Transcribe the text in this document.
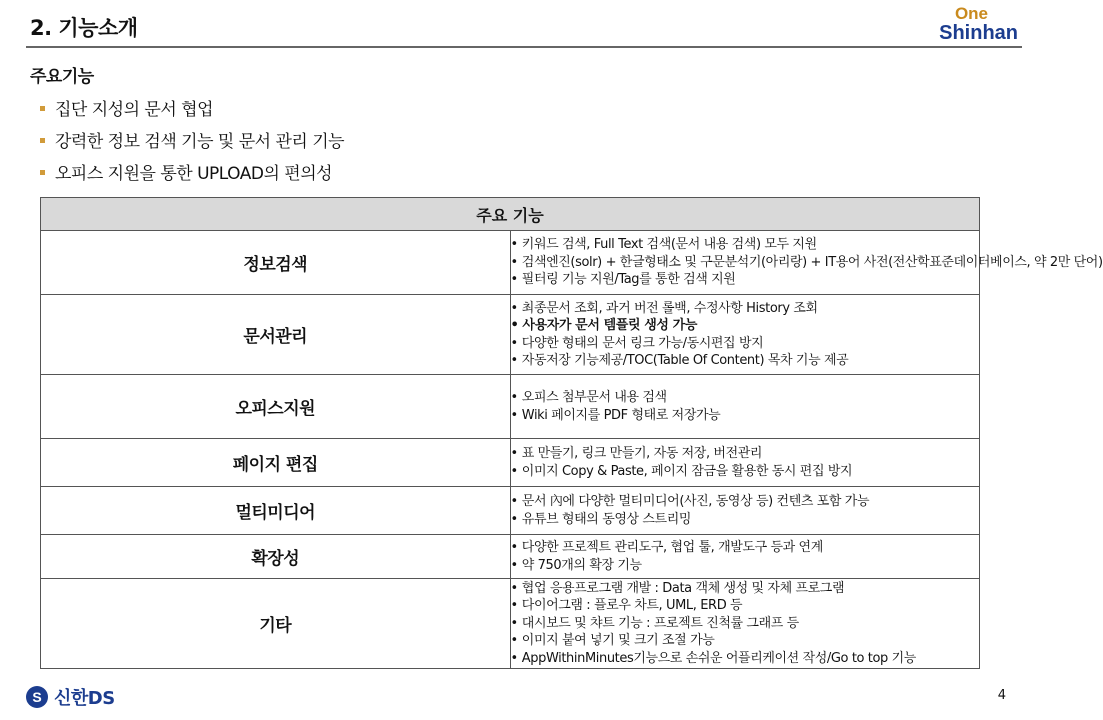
2. 기능소개
One
Shinhan
주요기능
집단 지성의 문서 협업
강력한 정보 검색 기능 및 문서 관리 기능
오피스 지원을 통한 UPLOAD의 편의성
주요 기능	
정보검색	• 키워드 검색, Full Text 검색(문서 내용 검색) 모두 지원
• 검색엔진(solr) + 한글형태소 및 구문분석기(아리랑) + IT용어 사전(전산학표준데이터베이스, 약 2만 단어)
• 필터링 기능 지원/Tag를 통한 검색 지원

문서관리	• 최종문서 조회, 과거 버전 롤백, 수정사항 History 조회
• 사용자가 문서 템플릿 생성 가능
• 다양한 형태의 문서 링크 가능/동시편집 방지
• 자동저장 기능제공/TOC(Table Of Content) 목차 기능 제공

오피스지원	• 오피스 첨부문서 내용 검색
• Wiki 페이지를 PDF 형태로 저장가능

페이지 편집	• 표 만들기, 링크 만들기, 자동 저장, 버전관리
• 이미지 Copy & Paste, 페이지 잠금을 활용한 동시 편집 방지

멀티미디어	• 문서 內에 다양한 멀티미디어(사진, 동영상 등) 컨텐츠 포함 가능
• 유튜브 형태의 동영상 스트리밍

확장성	• 다양한 프로젝트 관리도구, 협업 툴, 개발도구 등과 연계
• 약 750개의 확장 기능

기타	• 협업 응용프로그램 개발 : Data 객체 생성 및 자체 프로그램
• 다이어그램 : 플로우 차트, UML, ERD 등
• 대시보드 및 챠트 기능 : 프로젝트 진척률 그래프 등
• 이미지 붙여 넣기 및 크기 조절 가능
• AppWithinMinutes기능으로 손쉬운 어플리케이션 작성/Go to top 기능
S 신한DS	4
